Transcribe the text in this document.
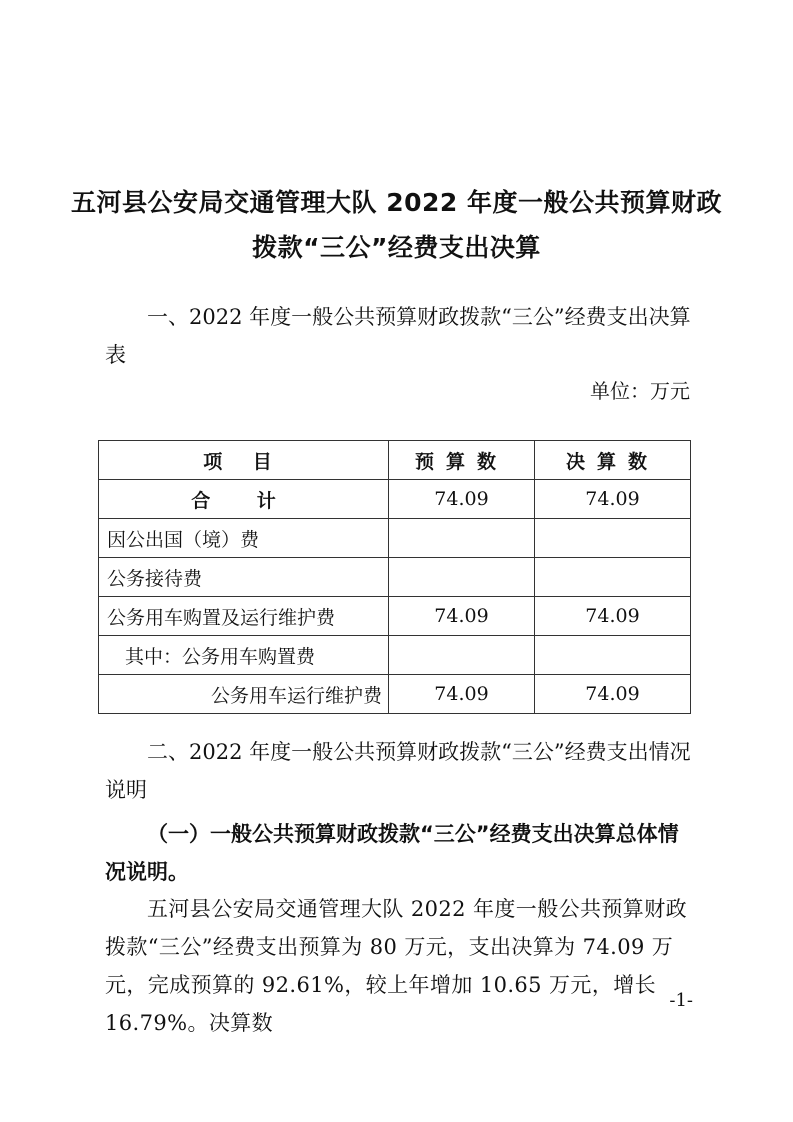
五河县公安局交通管理大队 2022 年度一般公共预算财政
拨款“三公”经费支出决算
一、2022 年度一般公共预算财政拨款“三公”经费支出决算表
单位：万元
项 目	预算数	决算数
合 计	74.09	74.09
因公出国（境）费		
公务接待费		
公务用车购置及运行维护费	74.09	74.09
其中：公务用车购置费		
公务用车运行维护费	74.09	74.09
二、2022 年度一般公共预算财政拨款“三公”经费支出情况说明
（一）一般公共预算财政拨款“三公”经费支出决算总体情况说明。
五河县公安局交通管理大队 2022 年度一般公共预算财政拨款“三公”经费支出预算为 80 万元，支出决算为 74.09 万元，完成预算的 92.61%，较上年增加 10.65 万元，增长 16.79%。决算数
-1-
